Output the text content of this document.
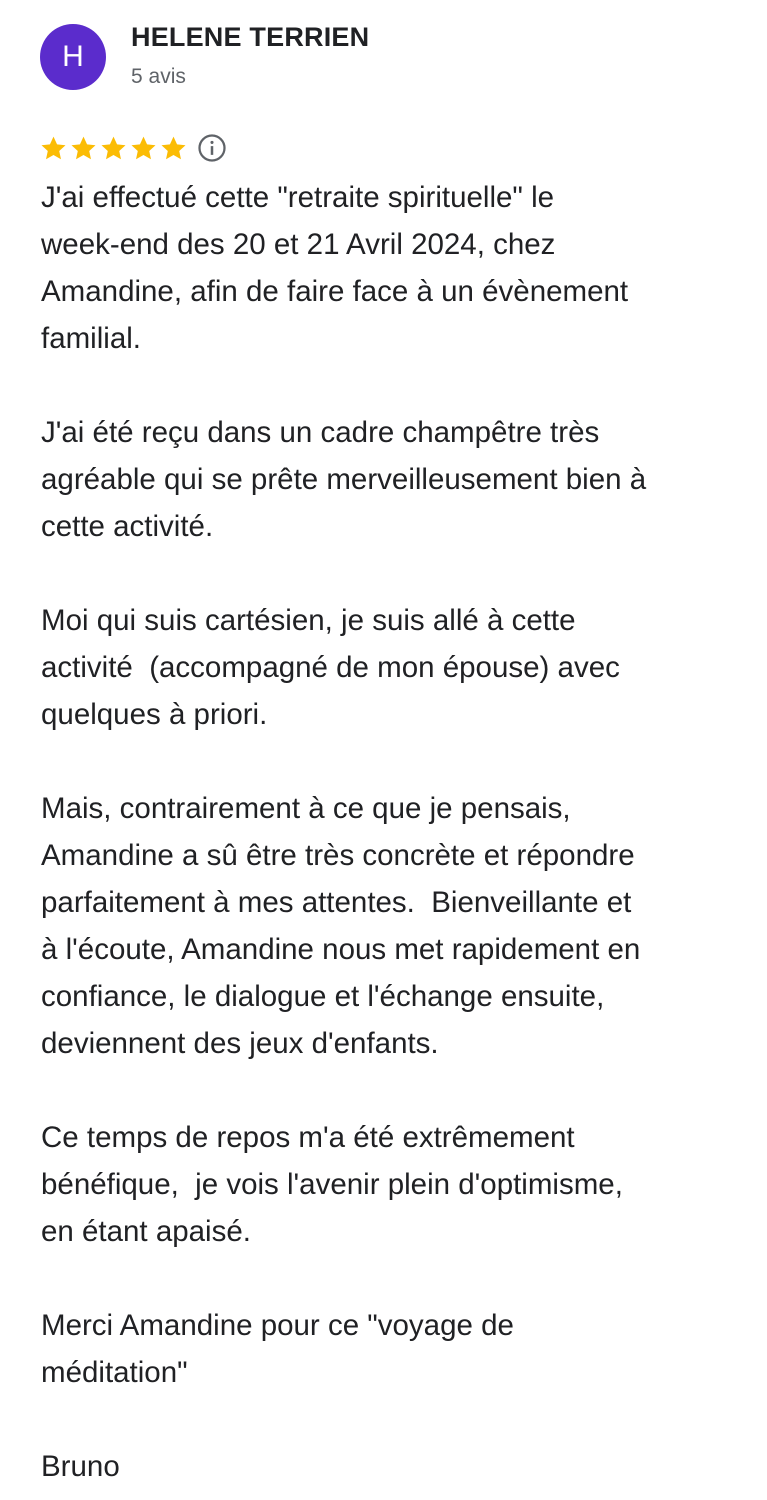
H
HELENE TERRIEN
5 avis

J'ai effectué cette "retraite spirituelle" le
week-end des 20 et 21 Avril 2024, chez
Amandine, afin de faire face à un évènement
familial.

J'ai été reçu dans un cadre champêtre très
agréable qui se prête merveilleusement bien à
cette activité.

Moi qui suis cartésien, je suis allé à cette
activité  (accompagné de mon épouse) avec
quelques à priori.

Mais, contrairement à ce que je pensais,
Amandine a sû être très concrète et répondre
parfaitement à mes attentes.  Bienveillante et
à l'écoute, Amandine nous met rapidement en
confiance, le dialogue et l'échange ensuite,
deviennent des jeux d'enfants.

Ce temps de repos m'a été extrêmement
bénéfique,  je vois l'avenir plein d'optimisme,
en étant apaisé.

Merci Amandine pour ce "voyage de
méditation"

Bruno
